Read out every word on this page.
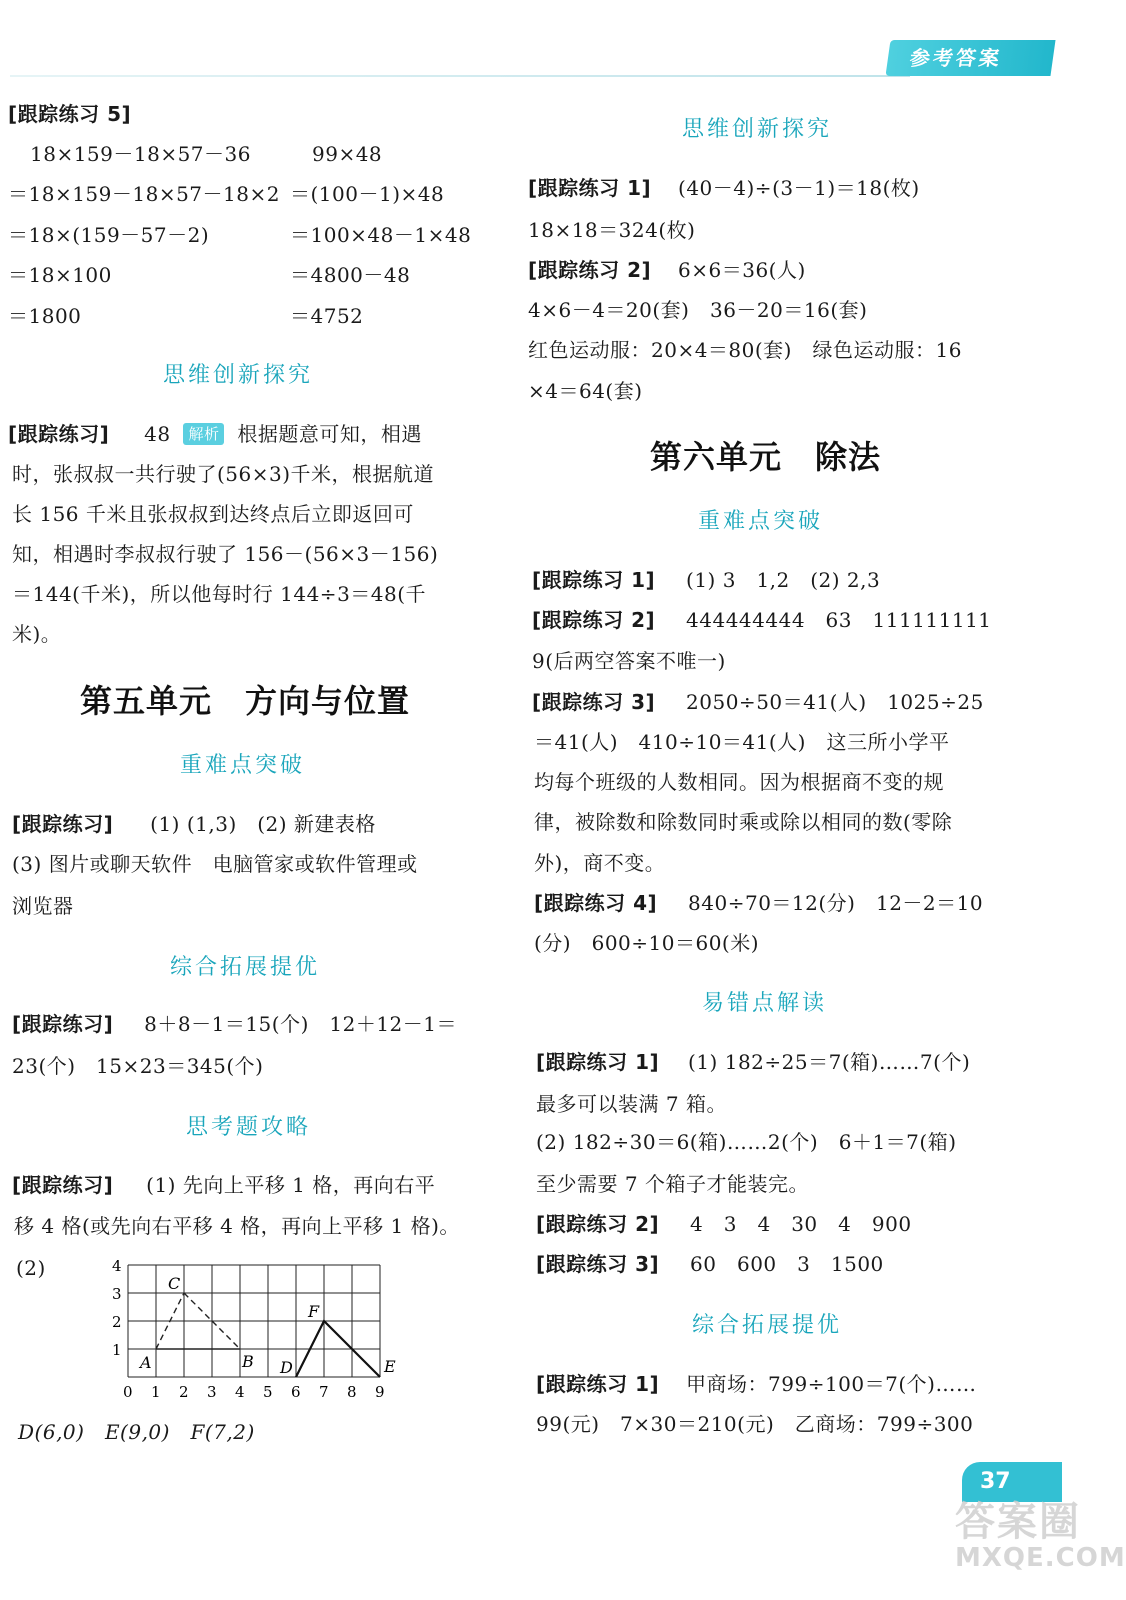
参考答案
[跟踪练习 5]
18×159－18×57－36
＝18×159－18×57－18×2
＝18×(159－57－2)
＝18×100
＝1800
99×48
＝(100－1)×48
＝100×48－1×48
＝4800－48
＝4752
思维创新探究
[跟踪练习] 48 解析 根据题意可知，相遇
时，张叔叔一共行驶了(56×3)千米，根据航道
长 156 千米且张叔叔到达终点后立即返回可
知，相遇时李叔叔行驶了 156－(56×3－156)
＝144(千米)，所以他每时行 144÷3＝48(千
米)。
第五单元　方向与位置
重难点突破
[跟踪练习] (1) (1,3)　(2) 新建表格
(3) 图片或聊天软件　电脑管家或软件管理或
浏览器
综合拓展提优
[跟踪练习] 8＋8－1＝15(个)　12＋12－1＝
23(个)　15×23＝345(个)
思考题攻略
[跟踪练习] (1) 先向上平移 1 格，再向右平
移 4 格(或先向右平移 4 格，再向上平移 1 格)。
(2)
A	B
C
D	E
F
4
3
2
1
0 1 2 3 4 5 6 7 8 9
D(6,0)　E(9,0)　F(7,2)
思维创新探究
[跟踪练习 1] (40－4)÷(3－1)＝18(枚)
18×18＝324(枚)
[跟踪练习 2] 6×6＝36(人)
4×6－4＝20(套)　36－20＝16(套)
红色运动服：20×4＝80(套)　绿色运动服：16
×4＝64(套)
第六单元　除法
重难点突破
[跟踪练习 1] (1) 3　1,2　(2) 2,3
[跟踪练习 2] 444444444　63　111111111
9(后两空答案不唯一)
[跟踪练习 3] 2050÷50＝41(人)　1025÷25
＝41(人)　410÷10＝41(人)　这三所小学平
均每个班级的人数相同。因为根据商不变的规
律，被除数和除数同时乘或除以相同的数(零除
外)，商不变。
[跟踪练习 4] 840÷70＝12(分)　12－2＝10
(分)　600÷10＝60(米)
易错点解读
[跟踪练习 1] (1) 182÷25＝7(箱)……7(个)
最多可以装满 7 箱。
(2) 182÷30＝6(箱)……2(个)　6＋1＝7(箱)
至少需要 7 个箱子才能装完。
[跟踪练习 2] 4　3　4　30　4　900
[跟踪练习 3] 60　600　3　1500
综合拓展提优
[跟踪练习 1] 甲商场：799÷100＝7(个)……
99(元)　7×30＝210(元)　乙商场：799÷300
37
答案圈
MXQE.COM
